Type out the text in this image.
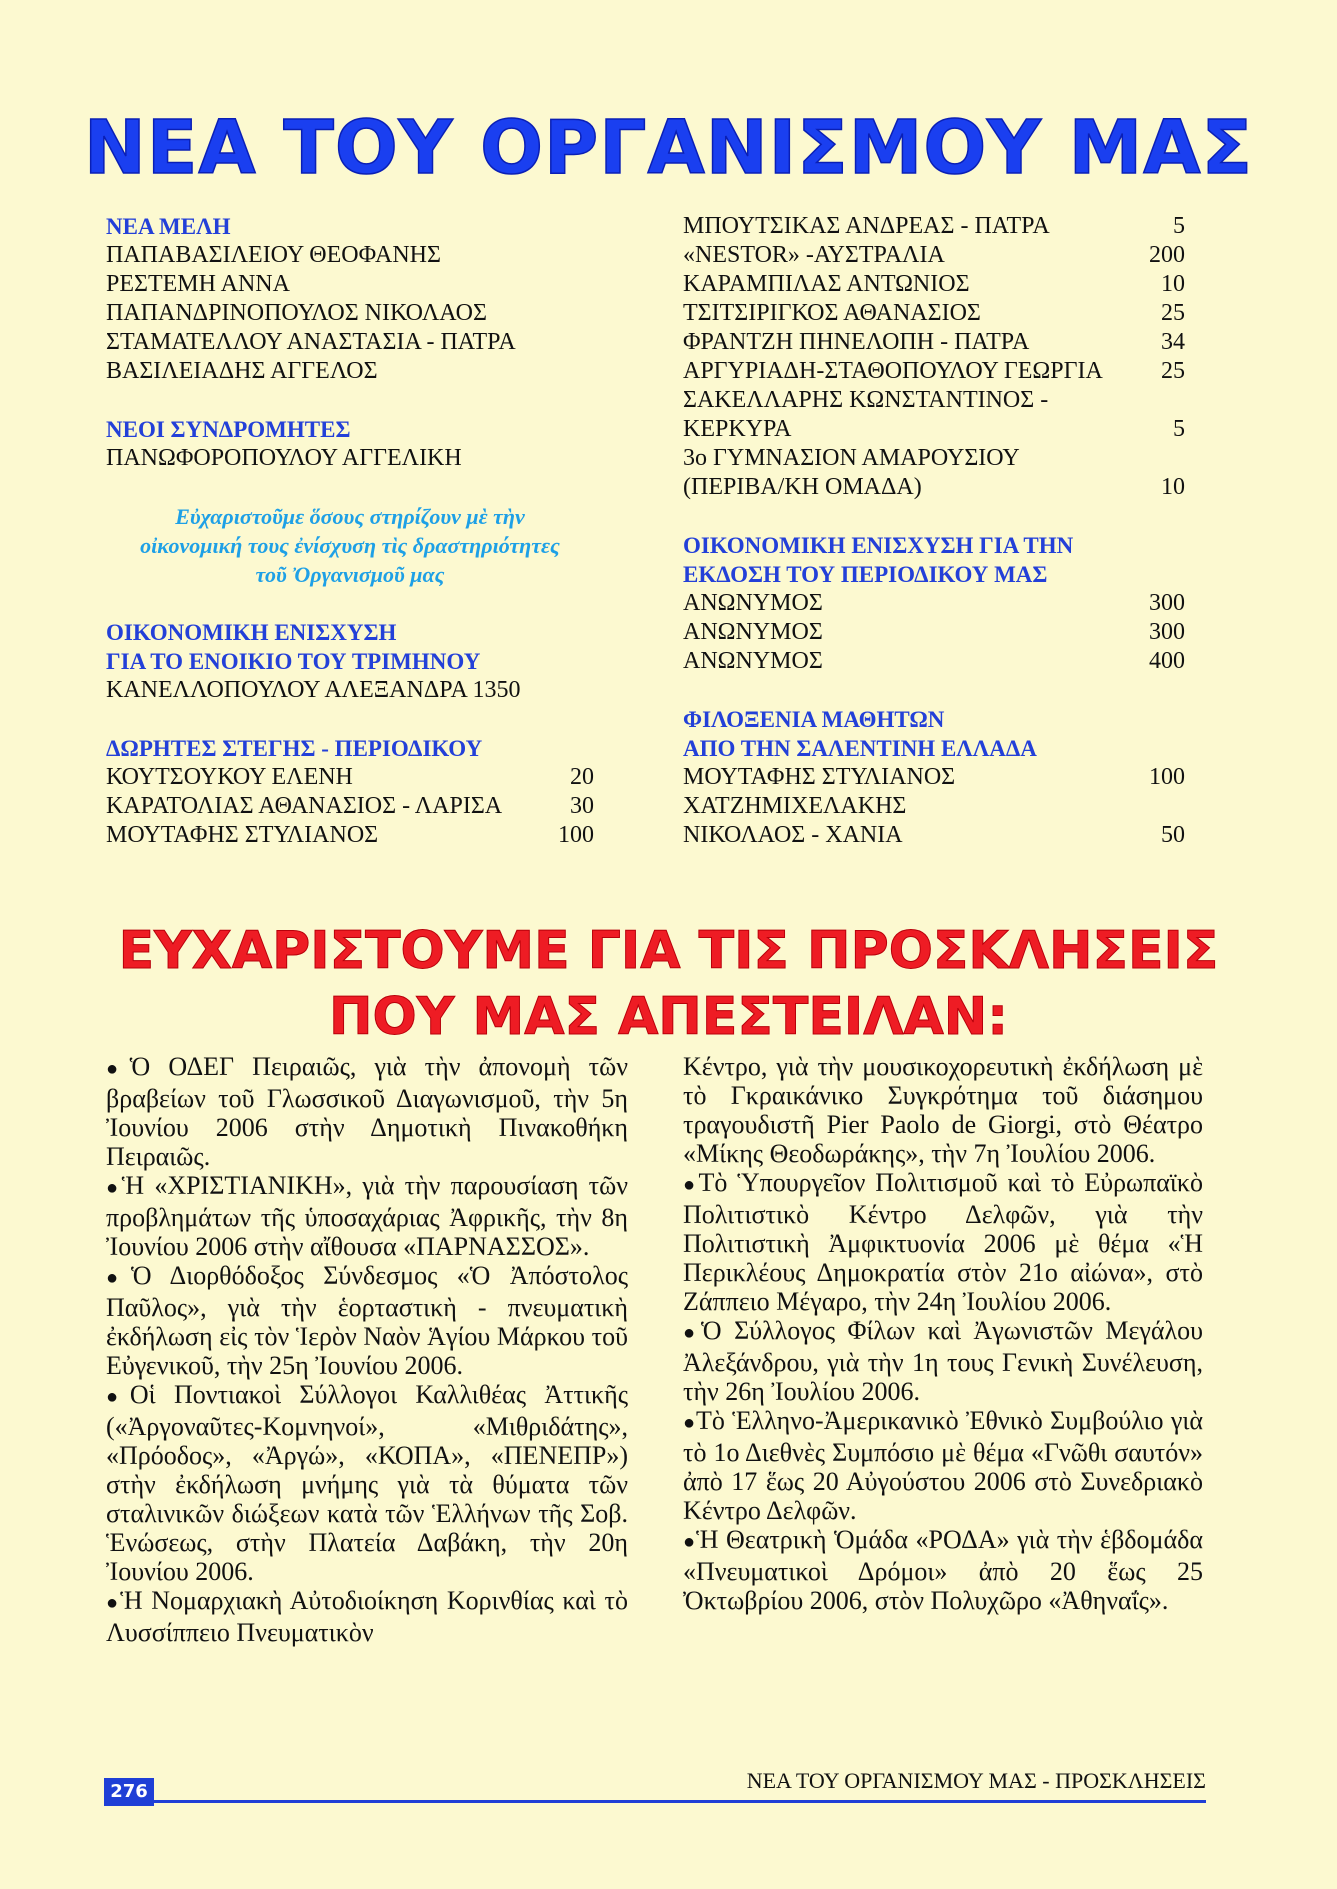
ΝΕΑ ΤΟΥ ΟΡΓΑΝΙΣΜΟΥ ΜΑΣ
ΝΕΑ ΜΕΛΗ
ΠΑΠΑΒΑΣΙΛΕΙΟΥ ΘΕΟΦΑΝΗΣ
ΡΕΣΤΕΜΗ ΑΝΝΑ
ΠΑΠΑΝΔΡΙΝΟΠΟΥΛΟΣ ΝΙΚΟΛΑΟΣ
ΣΤΑΜΑΤΕΛΛΟΥ ΑΝΑΣΤΑΣΙΑ - ΠΑΤΡΑ
ΒΑΣΙΛΕΙΑΔΗΣ ΑΓΓΕΛΟΣ
ΝΕΟΙ ΣΥΝΔΡΟΜΗΤΕΣ
ΠΑΝΩΦΟΡΟΠΟΥΛΟΥ ΑΓΓΕΛΙΚΗ
Εὐχαριστοῦμε ὅσους στηρίζουν μὲ τὴν
οἰκονομική τους ἐνίσχυση τὶς δραστηριότητες
τοῦ Ὀργανισμοῦ μας
ΟΙΚΟΝΟΜΙΚΗ ΕΝΙΣΧΥΣΗ
ΓΙΑ ΤΟ ΕΝΟΙΚΙΟ ΤΟΥ ΤΡΙΜΗΝΟΥ
ΚΑΝΕΛΛΟΠΟΥΛΟΥ ΑΛΕΞΑΝΔΡΑ 1350
ΔΩΡΗΤΕΣ ΣΤΕΓΗΣ - ΠΕΡΙΟΔΙΚΟΥ
ΚΟΥΤΣΟΥΚΟΥ ΕΛΕΝΗ	20
ΚΑΡΑΤΟΛΙΑΣ ΑΘΑΝΑΣΙΟΣ - ΛΑΡΙΣΑ	30
ΜΟΥΤΑΦΗΣ ΣΤΥΛΙΑΝΟΣ	100
ΜΠΟΥΤΣΙΚΑΣ ΑΝΔΡΕΑΣ - ΠΑΤΡΑ	5
«NESTOR» -ΑΥΣΤΡΑΛΙΑ	200
ΚΑΡΑΜΠΙΛΑΣ ΑΝΤΩΝΙΟΣ	10
ΤΣΙΤΣΙΡΙΓΚΟΣ ΑΘΑΝΑΣΙΟΣ	25
ΦΡΑΝΤΖΗ ΠΗΝΕΛΟΠΗ - ΠΑΤΡΑ	34
ΑΡΓΥΡΙΑΔΗ-ΣΤΑΘΟΠΟΥΛΟΥ ΓΕΩΡΓΙΑ 25
ΣΑΚΕΛΛΑΡΗΣ ΚΩΝΣΤΑΝΤΙΝΟΣ -
ΚΕΡΚΥΡΑ	5
3ο ΓΥΜΝΑΣΙΟΝ ΑΜΑΡΟΥΣΙΟΥ
(ΠΕΡΙΒΑ/ΚΗ ΟΜΑΔΑ)	10
ΟΙΚΟΝΟΜΙΚΗ ΕΝΙΣΧΥΣΗ ΓΙΑ ΤΗΝ
ΕΚΔΟΣΗ ΤΟΥ ΠΕΡΙΟΔΙΚΟΥ ΜΑΣ
ΑΝΩΝΥΜΟΣ	300
ΑΝΩΝΥΜΟΣ	300
ΑΝΩΝΥΜΟΣ	400
ΦΙΛΟΞΕΝΙΑ ΜΑΘΗΤΩΝ
ΑΠΟ ΤΗΝ ΣΑΛΕΝΤΙΝΗ ΕΛΛΑΔΑ
ΜΟΥΤΑΦΗΣ ΣΤΥΛΙΑΝΟΣ	100
ΧΑΤΖΗΜΙΧΕΛΑΚΗΣ
ΝΙΚΟΛΑΟΣ - ΧΑΝΙΑ	50
ΕΥΧΑΡΙΣΤΟΥΜΕ ΓΙΑ ΤΙΣ ΠΡΟΣΚΛΗΣΕΙΣ
ΠΟΥ ΜΑΣ ΑΠΕΣΤΕΙΛΑΝ:

●Ὁ ΟΔΕΓ Πειραιῶς, γιὰ τὴν ἀπονομὴ τῶν βραβείων τοῦ Γλωσσικοῦ Διαγωνισμοῦ, τὴν 5η Ἰουνίου 2006 στὴν Δημοτικὴ Πινακοθήκη Πειραιῶς.

●Ἡ «ΧΡΙΣΤΙΑΝΙΚΗ», γιὰ τὴν παρουσίαση τῶν προβλημάτων τῆς ὑποσαχάριας Ἀφρικῆς, τὴν 8η Ἰουνίου 2006 στὴν αἴθουσα «ΠΑΡΝΑΣΣΟΣ».

●Ὁ Διορθόδοξος Σύνδεσμος «Ὁ Ἀπόστολος Παῦλος», γιὰ τὴν ἑορταστικὴ - πνευματικὴ ἐκδήλωση εἰς τὸν Ἱερὸν Ναὸν Ἁγίου Μάρκου τοῦ Εὐγενικοῦ, τὴν 25η Ἰουνίου 2006.

●Οἱ Ποντιακοὶ Σύλλογοι Καλλιθέας Ἀττικῆς («Ἀργοναῦτες-Κομνηνοί», «Μιθριδάτης», «Πρόοδος», «Ἀργώ», «ΚΟΠΑ», «ΠΕΝΕΠΡ») στὴν ἐκδήλωση μνήμης γιὰ τὰ θύματα τῶν σταλινικῶν διώξεων κατὰ τῶν Ἑλλήνων τῆς Σοβ. Ἑνώσεως, στὴν Πλατεία Δαβάκη, τὴν 20η Ἰουνίου 2006.

●Ἡ Νομαρχιακὴ Αὐτοδιοίκηση Κορινθίας καὶ τὸ Λυσσίππειο Πνευματικὸν

Κέντρο, γιὰ τὴν μουσικοχορευτικὴ ἐκδήλωση μὲ τὸ Γκραικάνικο Συγκρότημα τοῦ διάσημου τραγουδιστῆ Pier Paolo de Giorgi, στὸ Θέατρο «Μίκης Θεοδωράκης», τὴν 7η Ἰουλίου 2006.

●Τὸ Ὑπουργεῖον Πολιτισμοῦ καὶ τὸ Εὐρωπαϊκὸ Πολιτιστικὸ Κέντρο Δελφῶν, γιὰ τὴν Πολιτιστικὴ Ἀμφικτυονία 2006 μὲ θέμα «Ἡ Περικλέους Δημοκρατία στὸν 21ο αἰώνα», στὸ Ζάππειο Μέγαρο, τὴν 24η Ἰουλίου 2006.

●Ὁ Σύλλογος Φίλων καὶ Ἀγωνιστῶν Μεγάλου Ἀλεξάνδρου, γιὰ τὴν 1η τους Γενικὴ Συνέλευση, τὴν 26η Ἰουλίου 2006.

●Τὸ Ἑλληνο-Ἀμερικανικὸ Ἐθνικὸ Συμβούλιο γιὰ τὸ 1ο Διεθνὲς Συμπόσιο μὲ θέμα «Γνῶθι σαυτόν» ἀπὸ 17 ἕως 20 Αὐγούστου 2006 στὸ Συνεδριακὸ Κέντρο Δελφῶν.

●Ἡ Θεατρικὴ Ὁμάδα «ΡΟΔΑ» γιὰ τὴν ἑβδομάδα «Πνευματικοὶ Δρόμοι» ἀπὸ 20 ἕως 25 Ὀκτωβρίου 2006, στὸν Πολυχῶρο «Ἀθηναΐς».

276	ΝΕΑ ΤΟΥ ΟΡΓΑΝΙΣΜΟΥ ΜΑΣ - ΠΡΟΣΚΛΗΣΕΙΣ
